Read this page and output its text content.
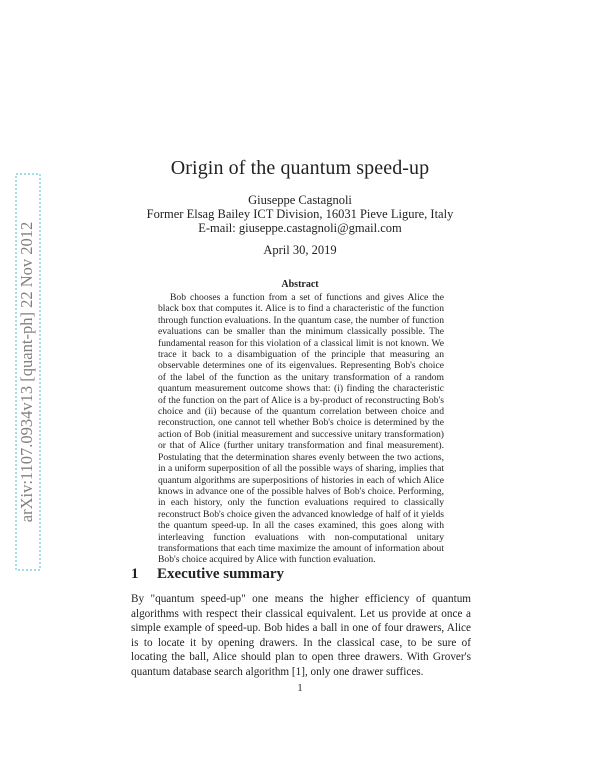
arXiv:1107.0934v13 [quant-ph] 22 Nov 2012
Origin of the quantum speed-up
Giuseppe Castagnoli
Former Elsag Bailey ICT Division, 16031 Pieve Ligure, Italy
E-mail: giuseppe.castagnoli@gmail.com
April 30, 2019
Abstract

Bob chooses a function from a set of functions and gives Alice the black box that computes it. Alice is to find a characteristic of the function through function evaluations. In the quantum case, the number of function evaluations can be smaller than the minimum classically possible. The fundamental reason for this violation of a classical limit is not known. We trace it back to a disambiguation of the principle that measuring an observable determines one of its eigenvalues. Representing Bob's choice of the label of the function as the unitary transformation of a random quantum measurement outcome shows that: (i) finding the characteristic of the function on the part of Alice is a by-product of reconstructing Bob's choice and (ii) because of the quantum correlation between choice and reconstruction, one cannot tell whether Bob's choice is determined by the action of Bob (initial measurement and successive unitary transformation) or that of Alice (further unitary transformation and final measurement). Postulating that the determination shares evenly between the two actions, in a uniform superposition of all the possible ways of sharing, implies that quantum algorithms are superpositions of histories in each of which Alice knows in advance one of the possible halves of Bob's choice. Performing, in each history, only the function evaluations required to classically reconstruct Bob's choice given the advanced knowledge of half of it yields the quantum speed-up. In all the cases examined, this goes along with interleaving function evaluations with non-computational unitary transformations that each time maximize the amount of information about Bob's choice acquired by Alice with function evaluation.

1 Executive summary

By "quantum speed-up" one means the higher efficiency of quantum algorithms with respect their classical equivalent. Let us provide at once a simple example of speed-up. Bob hides a ball in one of four drawers, Alice is to locate it by opening drawers. In the classical case, to be sure of locating the ball, Alice should plan to open three drawers. With Grover's quantum database search algorithm [1], only one drawer suffices.

1
